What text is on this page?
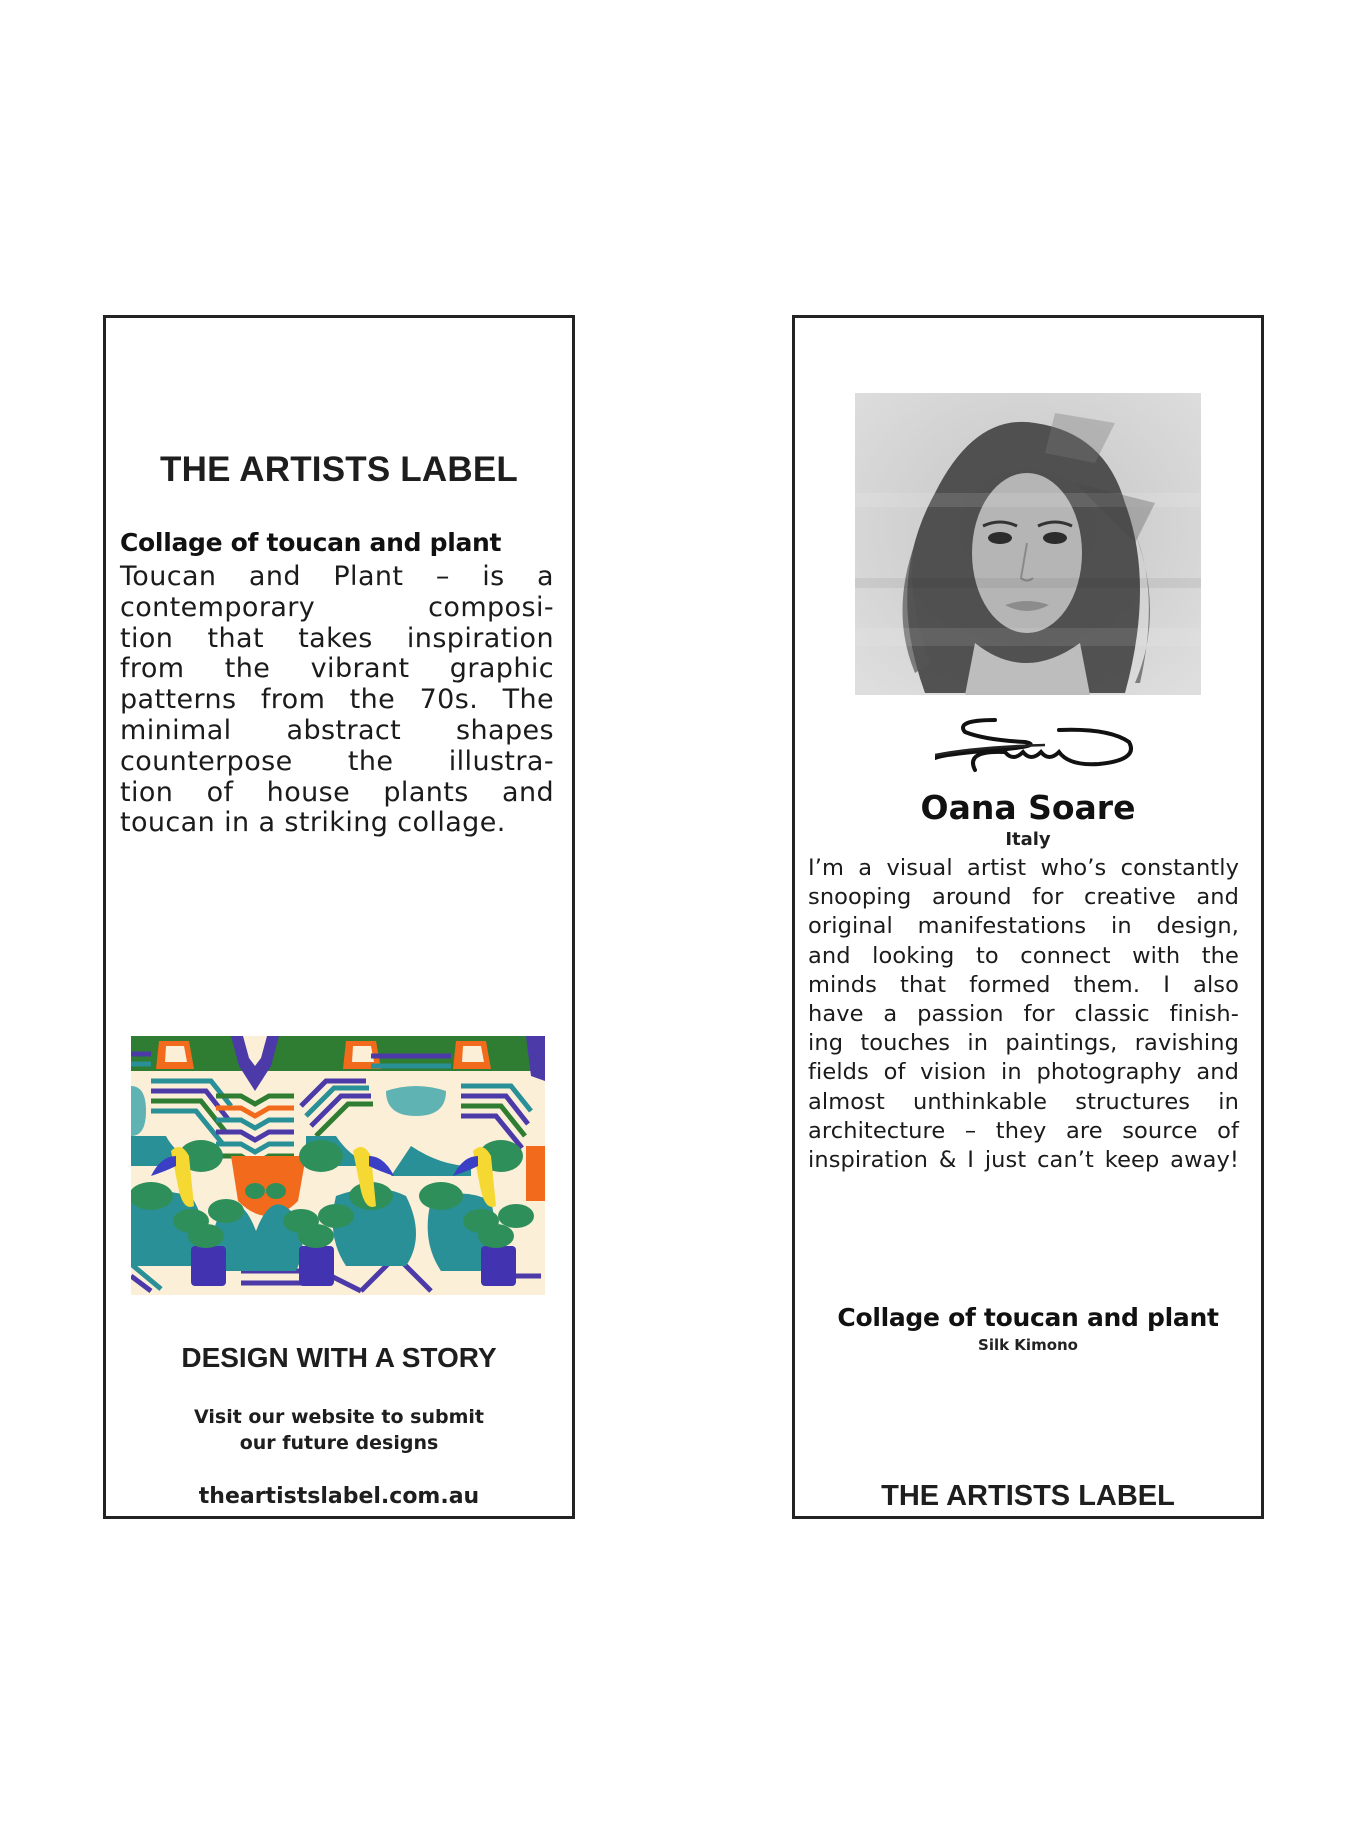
THE ARTISTS LABEL
Collage of toucan and plant
Toucan and Plant – is a
contemporary composi-
tion that takes inspiration
from the vibrant graphic
patterns from the 70s. The
minimal abstract shapes
counterpose the illustra-
tion of house plants and
toucan in a striking collage.
DESIGN WITH A STORY
Visit our website to submit
our future designs
theartistslabel.com.au
Oana Soare
Italy
I’m a visual artist who’s constantly
snooping around for creative and
original manifestations in design,
and looking to connect with the
minds that formed them. I also
have a passion for classic finish-
ing touches in paintings, ravishing
fields of vision in photography and
almost unthinkable structures in
architecture – they are source of
inspiration & I just can’t keep away!
Collage of toucan and plant
Silk Kimono
THE ARTISTS LABEL
